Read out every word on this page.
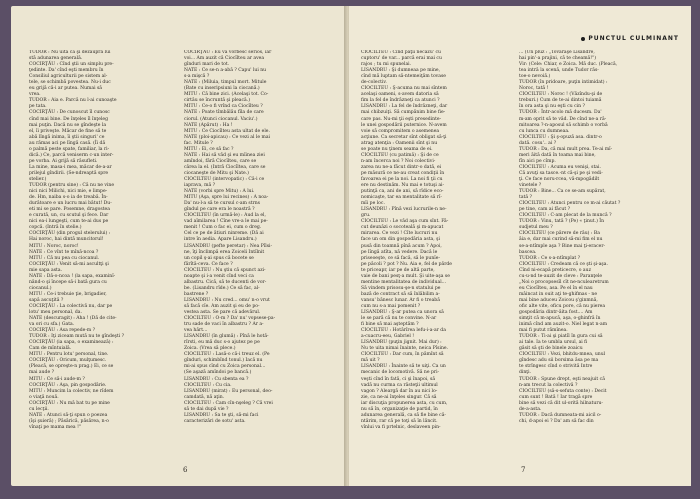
TUDOR : Nu uita că şi dezaupra lui

stă adunarea generală.

COCIRŢĂU : Cînd ştii un simplu pre-

ţedinte. Da' cînd eşti membru în

Consiliul agriculturii pe sistem al-

tele, se schimbă povestea. Nu-i duc

eu grijă că-i ar putea. Numai să

vrea.

TUDOR : Aia e. Parcă nu l-ai cunoaşte

pe tata.

COCIRŢĂU : De cunoscut îl cunosc

cînd mai bine. De înţeles îl înţeleg

mai puţin. Dacă nu se gîndeşte la

el, îi priveşte. Măcar de fine să te

abă lîngă inima, îi ştii singuri' ce

au rămas aci pe lîngă casă. (Îi dă

o palmă peste spate, familiar, la ri-

dică.) Ce, parcă veniserm c-un inter-

pe vorba. Ai grijă să răsufleti.

La mine, masa-i mea, măcar de-a-ar

prilejul gîndirii. (Se-ndreaptă spre

stelier.)

TUDOR (pentru sine) : Că nu ne vine

nici nici Milichi, nici mie, e limpe-

de. Hm, naiba s-o ia de treabă. În-

durătoare e un lucru mai bătut! Du-

eti mi se pare. Posemne, dragostea

e curată, un, cu scutul şi fece. Dar

nici ea-i lungeşti, cum te-ai dus pe

copcă. (Intră în stelie.)

COCIRŢĂU (din progul stelerului) :

Hai noroc, hai dintă muncitorul!

MITU : Noroc, noroc!

NATE : Ce vînt te mînă-ncoa ?

MITU : Că nu pea cu ciocanul.

COCIRŢĂU : Venit să-mi ascultţi şi

mie sapa asta.

NATE : Dă-o-ncoa ! (la sapa, examinî-

nând-o şi începe să-i bată gura cu

ciocanul.)

MITU : Ce-i trebuie ţie, brigadier,

sapă ascuţită ?

COCIRŢĂU : La colectivă nu, dar pe

lotu' meu personal, da.

NATE (descuragit) : Aha ! (Dă de cite-

va ori cu sfa.) Gata.

COCIRŢĂU : Asa repede-m ?

TUDOR : Iţi ziceam mută nu te gîndeşti ?

COCIRŢĂU (ia sapa, o examinează) :

Cam de mîntuială.

MITU : Pentru lotu' personal, tine.

COCIRŢĂU : Oricum, mulţumesc.

(Pleacă, se opreşte-n prag.) Ei, ce se

mai aude ?

MITU : Ce să-i aude-m ?

COCIRŢĂU : Aşa, pin gospodărie.

MITU : Muncim la colectiv, ne rîdem

o viaţă nouă.

COCIRŢĂU : Nu mă bat tu pe mine

cu lecţii.

NATE : Atunci să-ţi spun o poezea

(îşi şuieră) ; Păsărică, păsărea, n-o

vînaţi pe mama mea !"

COCIRŢĂU : Eu vă vorbesc serios, iar

voi... Am auzit că Ciocîlteu ar avea

gînduri mari de tot.

NATE : Ce se-n a-abă ? Capu' lui nu

s-a mişcă ?

NATE : (Miluia, timpul mort. Mitule

(Bate cu inseripsiuni la ciocană.)

MITU : Că bine zici. (Acelaşi tot. Co-

cirtău se încruntă şi pleacă.)

MITU : Ce-o fi vrînd ca Ciocîlteu ?

NATE : Poate tîmbălău fîla de care

ciorul. (Atunci ciocanul. Vaciu'.)

NATE (Apărut) : Ha !

MITU : Ce Ciocîlteu asta ultat de ele.

NATE (ploi-apicau) : Ce vezi al le mai

fac. Mitule ?

MITU : Ei, ce să fac ?

NATE : Hai să văd şi eu mîinea ziei

amîndoi, fără Ciocîlteu, care se

cârea la el. (Intră Ciocîltea, care se

ciocaneşte de Mitu şi Nate.)

CIOCILTEU (intervopatic) : Că-i ce

iaprava, mă ?

NATE (vorbi spre Mitu) : A lui.

MITU (Aşa, spre lui recines) : A noa-

Da' nu-l-a să te cursul c-am strns

gîndul pe care era le noastră ?

CIOCILTEU (în urmă-le) : Aud la el,

vad aîmilarea ! Cîne vre-a le mai pe-

menit ! Cum o fac ei, cum o dreg.

Cel ce pe de ătiuri ninreme. (Dă ai

intre în aedia. Apare Lisandru.)

LISANDRU (pefte peretar) : Nea Pîlsi-

ne, îţi înclimpă erea Zoiceli Intîlnit

un copil ş-ai spus că bocete se

fărîtă-ceva. Ce face ?

CIOCILTEU : Nu ştiu că spunct azi-

noapte şi i-a venit cînd veci ca

albastru. Cică, să te ducenti de vor-

be. (Lisandru rîde.) Ce să fac, al-

bastrene ?

LISANDRU : Nu cred... omu' n-o vrut

să facă cîe. Am auzit şi eu de po-

vestea asta. Se pare că adevărul.

CIOCILTEU : O-m ? Da' nu' vopsese-pa-

tru sade de vaci în albastru ? Ar a-

vea hărt...

LISANDRU (în glumă) : Pînă le hotă-

rîrsti, eu mă duc s-o ajutez pe pe

Zoica. (Vrea să plece.)

CIOCILTEU : Lasă-o că-i treuz el. (Pe

gînduri, schimbînd tonul.) Iacă nu

mi-ai spus cînd cu Zoica personal...

(Se aşază amîndoi pe bancă.)

LISANDRU : Cu sbenta ea ?

CIOCILTEU : Cu cia.

LISANDRU (mirat) : Eu personal, deo-

camdată, nă aţin.

CIOCILTEU : Cam cîn-nşeleg ? Că vrei

să te dai după vie ?

LISANDRU : Sa te şti, să-mi faci

caracterizări de sotu' asta.

6
PUNCTUL CULMINANT

CIOCILTEU : Cînd păţii necazu' cu

cuptoru' de var... parcă erai mai cu

rajos ; tu mi spunelai.

LISANDRU : Şi dumneaa pe mine,

cînd mă luptam să-ntemeiţăm tovase

de-colectiv.

CIOCILTEU : Ş-acuma nu mai sîntem

acelaşi oameni, s-avem datoria să

fim la fel de îndrăzneţi ca atunci ?

LISANDRU : La fel de îndrăzneţi, dar

mai chibzuiţi. Să cumpănim bine fie-

care pas. Nu-mi ţii eşti presedinte-

le unei gospodării puternice. N-avem

voie să compromitem o asemenea

acţiune. Ca secretar sînt obligat să-ţi

atrag atenţia : Oamenii sînt şi nu

se poate nu ţinem seama de ei.

CIOCILTEU (cu patimă) : Şi de ce

n-am încerca noi ? Noi colectivi-

zarea nu ne-a făcut dintr-o dată, ei

pe măsură ce ne-au creat condiţii în

favoarea ei pe la noi. La noi fi ţii cu

ere nu destinăm. Nu mai e totuşi ai-

putinţă ca, ani de ani, să rîdice eco-

nomicaşte, tar ea mentalitate să rî-

mîi pe loc.

LISANDRU : Pînă vezi lucrurile-n ne-

gru.

CIOCILTEU : Le văd aşa cum sînt. Fă-

cut deunăzi o socoteală şi m-apucat

mirarea. Ce vezi ! Cîte lucruri nu

face un om din gospodăria asta, şi

pusă din toamnă pînă acum ? Apoi,

pe lîngă atîta, nă vedere. Dacă le

priseoeşte, ce să facă, să le punîe-

pe păcoli ? pot ? Nu. Aia e, fel de părde

te priceapr, iar pe de altă parte,

vaie de bani pesţ-a mult. Şi uite-aşa se

mentine mentalitatea de individual...

Să vindem prisosu-şe-n statului pe

bază de contract să să înlăbilim a-

vansu' bănesc lunar. Ar fi o treabă

cum nu s-a mai pomenit ?

LISANDRU : Ş-ar putea ca unora să

le se pară că nu te convine. N-ar

fi bine să mai aşteptăm ?

CIOCILTEU : Hotărîrea lefu-i-a-ar da

a-cuacru-eeu, Gabriel !

LISANDRU (puţin jignit. Mai dur) :

Nu te uita nimai înainte, neica Pîsine.

CIOCILTEU : Dar cum, în pămînt să

mă uit ?

LISANDRU : Înainte să te uiţi. Ca un

mecanic de locomotivă. Să ne pri-

veşti cînd în fată, ci şi înapoi, să

vadă nu curma ca răsteţii ultimul

vagon ? Aleargă dar în au nici lo-

zie, ca ne-ai înţeles singur. Că să

iar discuţia propunerea asta, cu cum,

nu să în, organizaţie de partid, în

adunarea generală, ca să fie bine că-

ntărim, rar că pe toţi să în lăncit.

vînlui va fi prtelnic, deslaveen pin-

... (Un pluz : „Tovarăşe Lisandre,

hai pin'-a prajini, că te cheamă!")

Vir: (Cele: Chiar, e Zoica. Mă duc. (Pleacă,

tea intră la scenă, unde Tudor răs-

toe-o nevoiă.)

TUDOR (în pridoare, puţin intimidat) :

Noroc, tată !

CIOCILTEU : Noroc ! (Văzîndu-şi de

treburi.) Cum de te-ai dintoi tuiamă

în ora asta şi nu eşti cu cin ?

TUDOR : Într-acolo mă ducesm. Da'

m-am oprit să te văd. De cînd ne-a ră-

mitoarea ?-n-aposul să schimb o vorbă

cu lunca cu dumneaa.

CIOCILTEU : Şi ş-opuză asa. dintr-o

dată. cosu'.. ai ?

TUDOR : Da, că mai mult prea. Te-ai mî-

meri ăită dată în toama mai bine,

fîn aici pe cîmp.

CIOCILTEU : Acuma eu venişi, stai.

Că avuţi sa tasce.-nt că-şi pe şi vedi-

ţi. Ce face noru-rcea, vă-mpogădilt

vinetele ?

TUDOR : Bine... Ca ce se-am supârat,

tată ?

CIOCILTEU : Atunci pentru ce m-ai căutat ?

pe tine, cam ai făcut ?

CIOCILTEU : C-am plecat de la muncă ?

TUDOR : Vinu, tată ? (Pe) « ţinut.) În

sudjetul meu ?

CIOCILTEU (ce pârere de rău) : Ba

ăia e, dar mai curind să-mi fim el nu

se-a-ntîmple aşa ? Bine mai ţi-eracer-

bascea.

TUDOR : Ce s-a-ntîmplat ?

CIOCILTEU : Credeam că ce şti şi-aşa.

Cînd ni-ecapă preticecre, o auz

cu-u-nd te-auzit de cleve : Paranţele

„Noi o procopsesîl cît ne-nculearetrum

eu Ciocîlteu, asa. Pe el în el nau

mâincat in ouit aţi te-ghifmas - ne

mai bine aduceu Zoicou ş'ginmnă,

ofic alte vite, oficu pore, că nu pierea

gospodăria dintr-ăita fost.... Am

simţit că m-apucă, aşa, o-ghinfrâ în

inimă cînd am auzit-o. Niel legat n-am

mai fi putut rămînea.

TUDOR : Ti-ai şi piatîl în gura cui să

ai tale. Ia te umbla ursul, ai fi

găsit să şti de binele zoaicu

CIOCILTEU : Vezi, bhitdu-mnea, unul

gîndesc adu sii borsima ăsa pe ma

te strîngesc cînd o strivită Intre

dinţi.

TUDOR : Spune drept, eşti neajuit că

n-am trecut la colectivă ?

CIOCILTEU (să-s-sefuta conte) : Decit

cum sunt ! Bată ! Iar tragă spre

bine să vezi că dit ul-orită hilnaturu-

de-a-asta.

TUDOR : Dacă dumneata-mi aicil o-

chi, d-apoi ei ? Da' am să fac din

7
